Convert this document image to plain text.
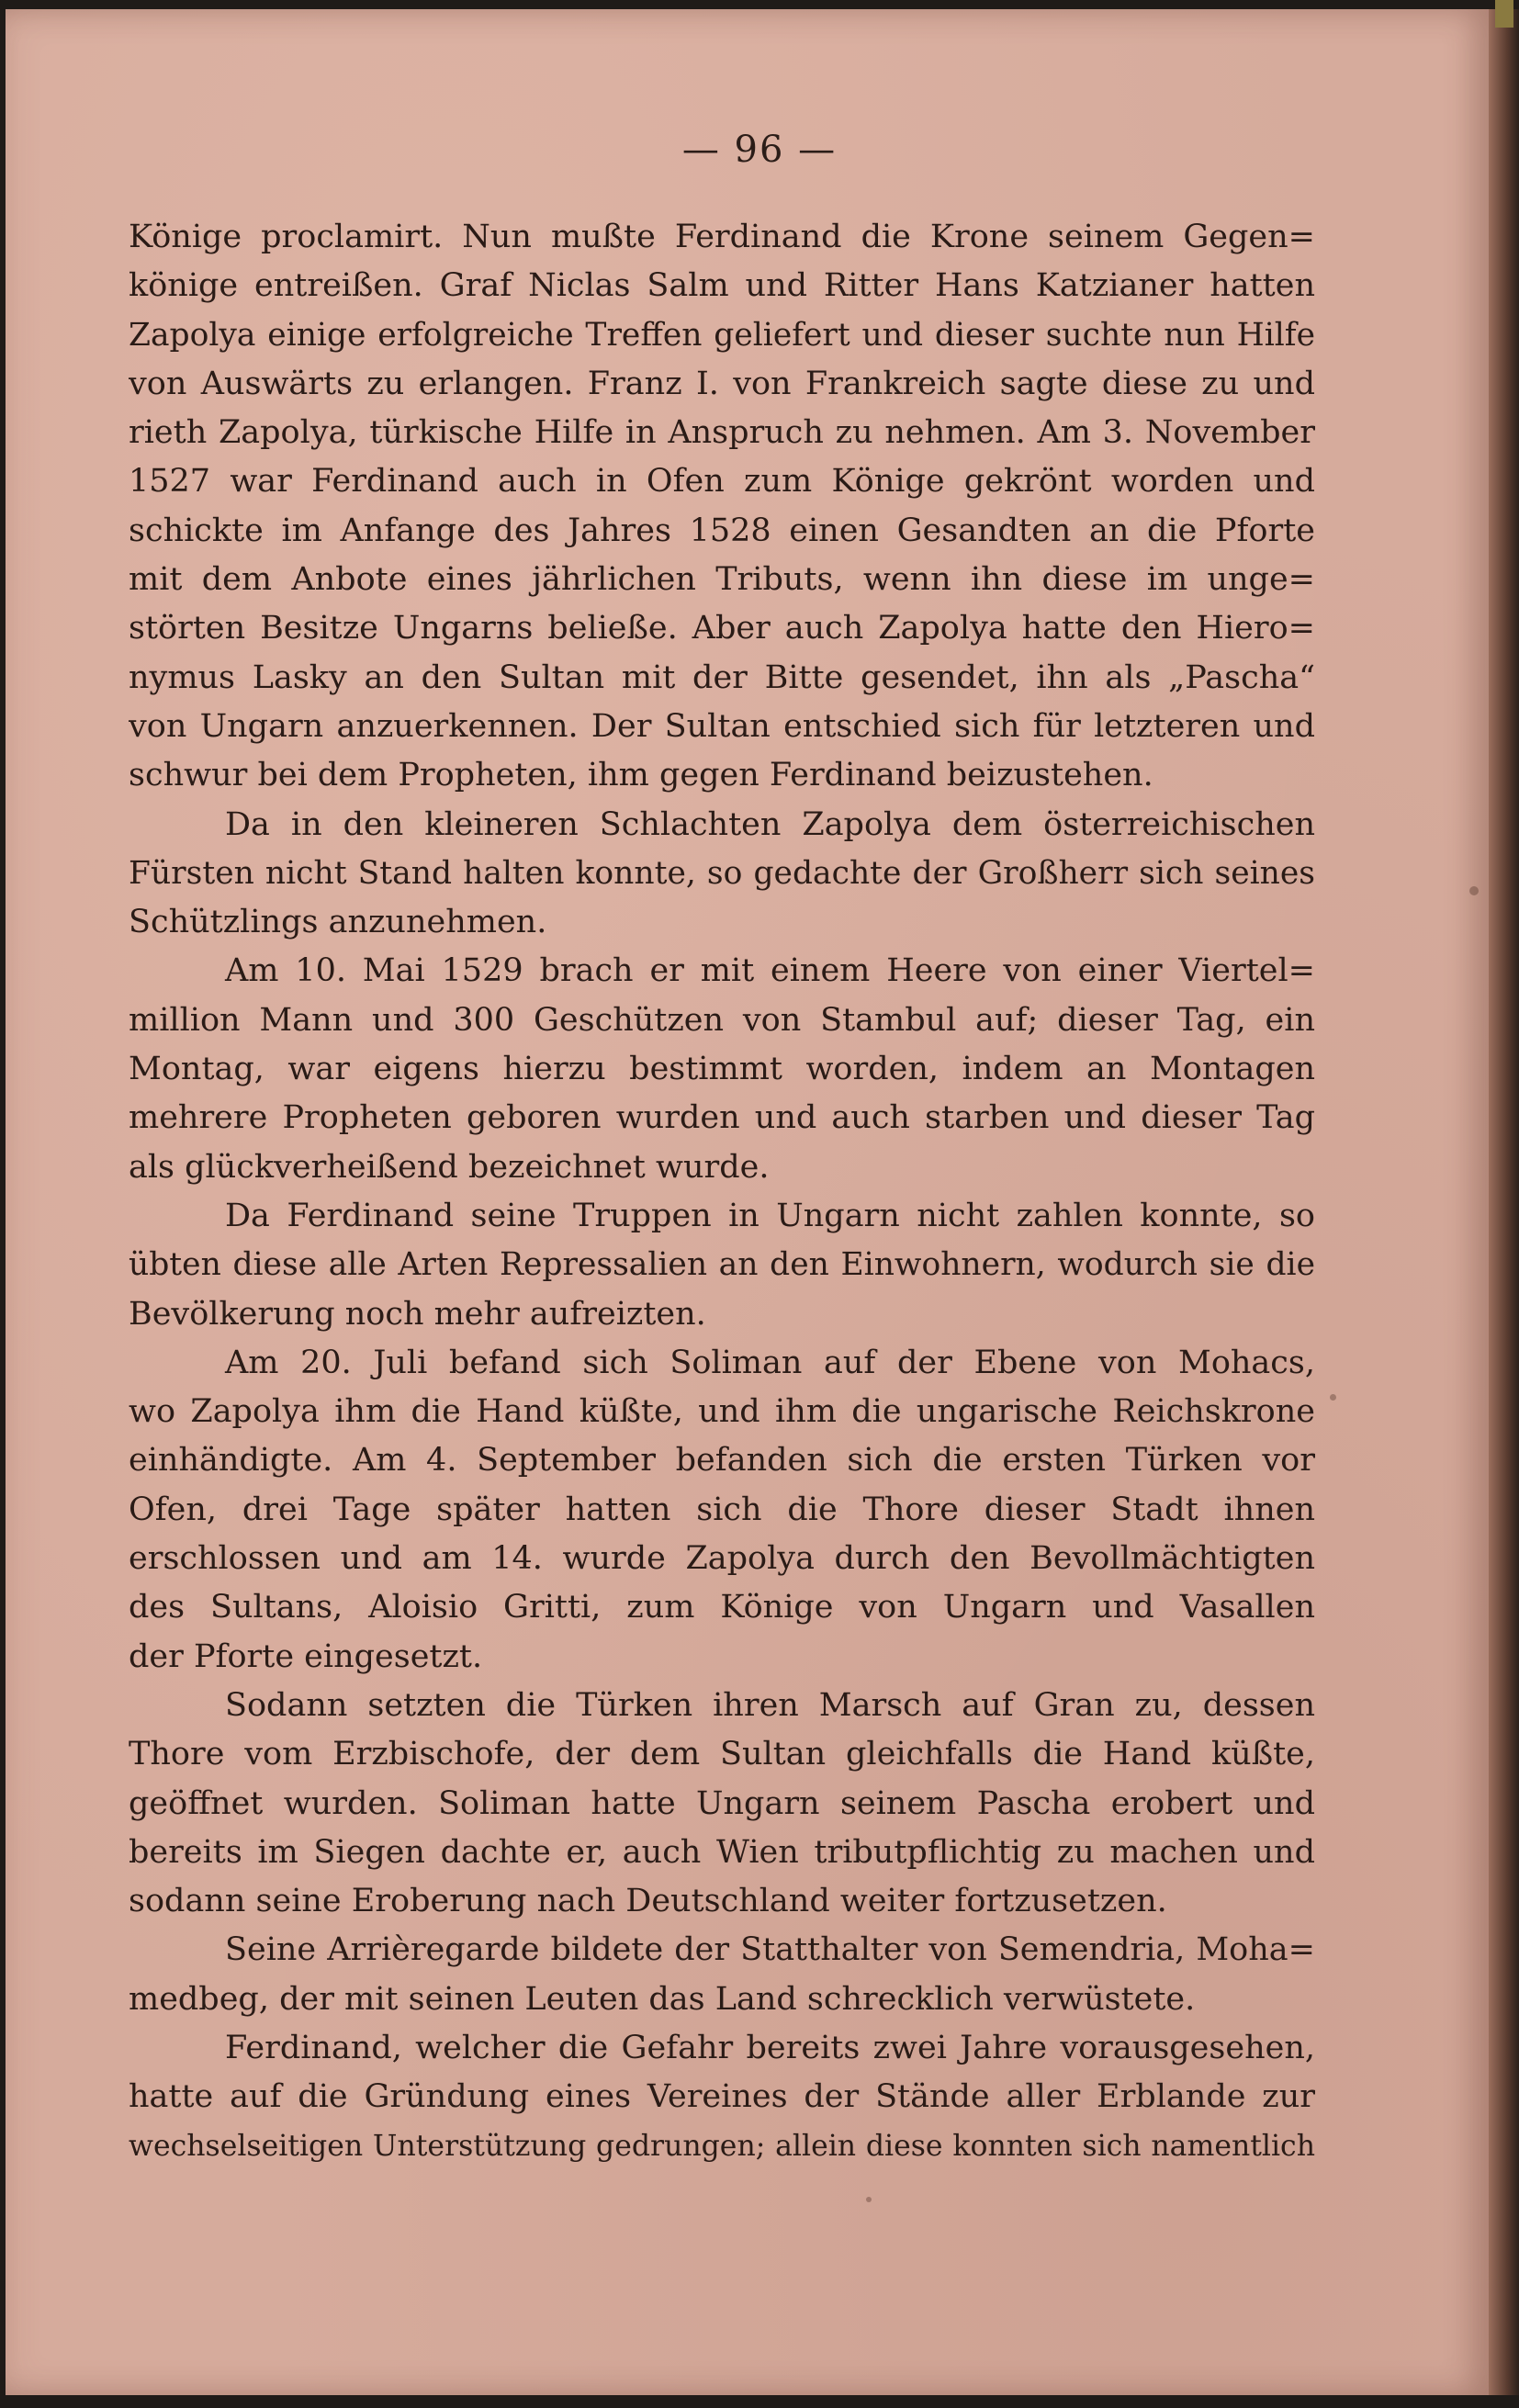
— 96 —
Könige proclamirt. Nun mußte Ferdinand die Krone seinem Gegen=
könige entreißen. Graf Niclas Salm und Ritter Hans Katzianer hatten
Zapolya einige erfolgreiche Treffen geliefert und dieser suchte nun Hilfe
von Auswärts zu erlangen. Franz I. von Frankreich sagte diese zu und
rieth Zapolya, türkische Hilfe in Anspruch zu nehmen. Am 3. November
1527 war Ferdinand auch in Ofen zum Könige gekrönt worden und
schickte im Anfange des Jahres 1528 einen Gesandten an die Pforte
mit dem Anbote eines jährlichen Tributs, wenn ihn diese im unge=
störten Besitze Ungarns beließe. Aber auch Zapolya hatte den Hiero=
nymus Lasky an den Sultan mit der Bitte gesendet, ihn als „Pascha“
von Ungarn anzuerkennen. Der Sultan entschied sich für letzteren und
schwur bei dem Propheten, ihm gegen Ferdinand beizustehen.
Da in den kleineren Schlachten Zapolya dem österreichischen
Fürsten nicht Stand halten konnte, so gedachte der Großherr sich seines
Schützlings anzunehmen.
Am 10. Mai 1529 brach er mit einem Heere von einer Viertel=
million Mann und 300 Geschützen von Stambul auf; dieser Tag, ein
Montag, war eigens hierzu bestimmt worden, indem an Montagen
mehrere Propheten geboren wurden und auch starben und dieser Tag
als glückverheißend bezeichnet wurde.
Da Ferdinand seine Truppen in Ungarn nicht zahlen konnte, so
übten diese alle Arten Repressalien an den Einwohnern, wodurch sie die
Bevölkerung noch mehr aufreizten.
Am 20. Juli befand sich Soliman auf der Ebene von Mohacs,
wo Zapolya ihm die Hand küßte, und ihm die ungarische Reichskrone
einhändigte. Am 4. September befanden sich die ersten Türken vor
Ofen, drei Tage später hatten sich die Thore dieser Stadt ihnen
erschlossen und am 14. wurde Zapolya durch den Bevollmächtigten
des Sultans, Aloisio Gritti, zum Könige von Ungarn und Vasallen
der Pforte eingesetzt.
Sodann setzten die Türken ihren Marsch auf Gran zu, dessen
Thore vom Erzbischofe, der dem Sultan gleichfalls die Hand küßte,
geöffnet wurden. Soliman hatte Ungarn seinem Pascha erobert und
bereits im Siegen dachte er, auch Wien tributpflichtig zu machen und
sodann seine Eroberung nach Deutschland weiter fortzusetzen.
Seine Arrièregarde bildete der Statthalter von Semendria, Moha=
medbeg, der mit seinen Leuten das Land schrecklich verwüstete.
Ferdinand, welcher die Gefahr bereits zwei Jahre vorausgesehen,
hatte auf die Gründung eines Vereines der Stände aller Erblande zur
wechselseitigen Unterstützung gedrungen; allein diese konnten sich namentlich
